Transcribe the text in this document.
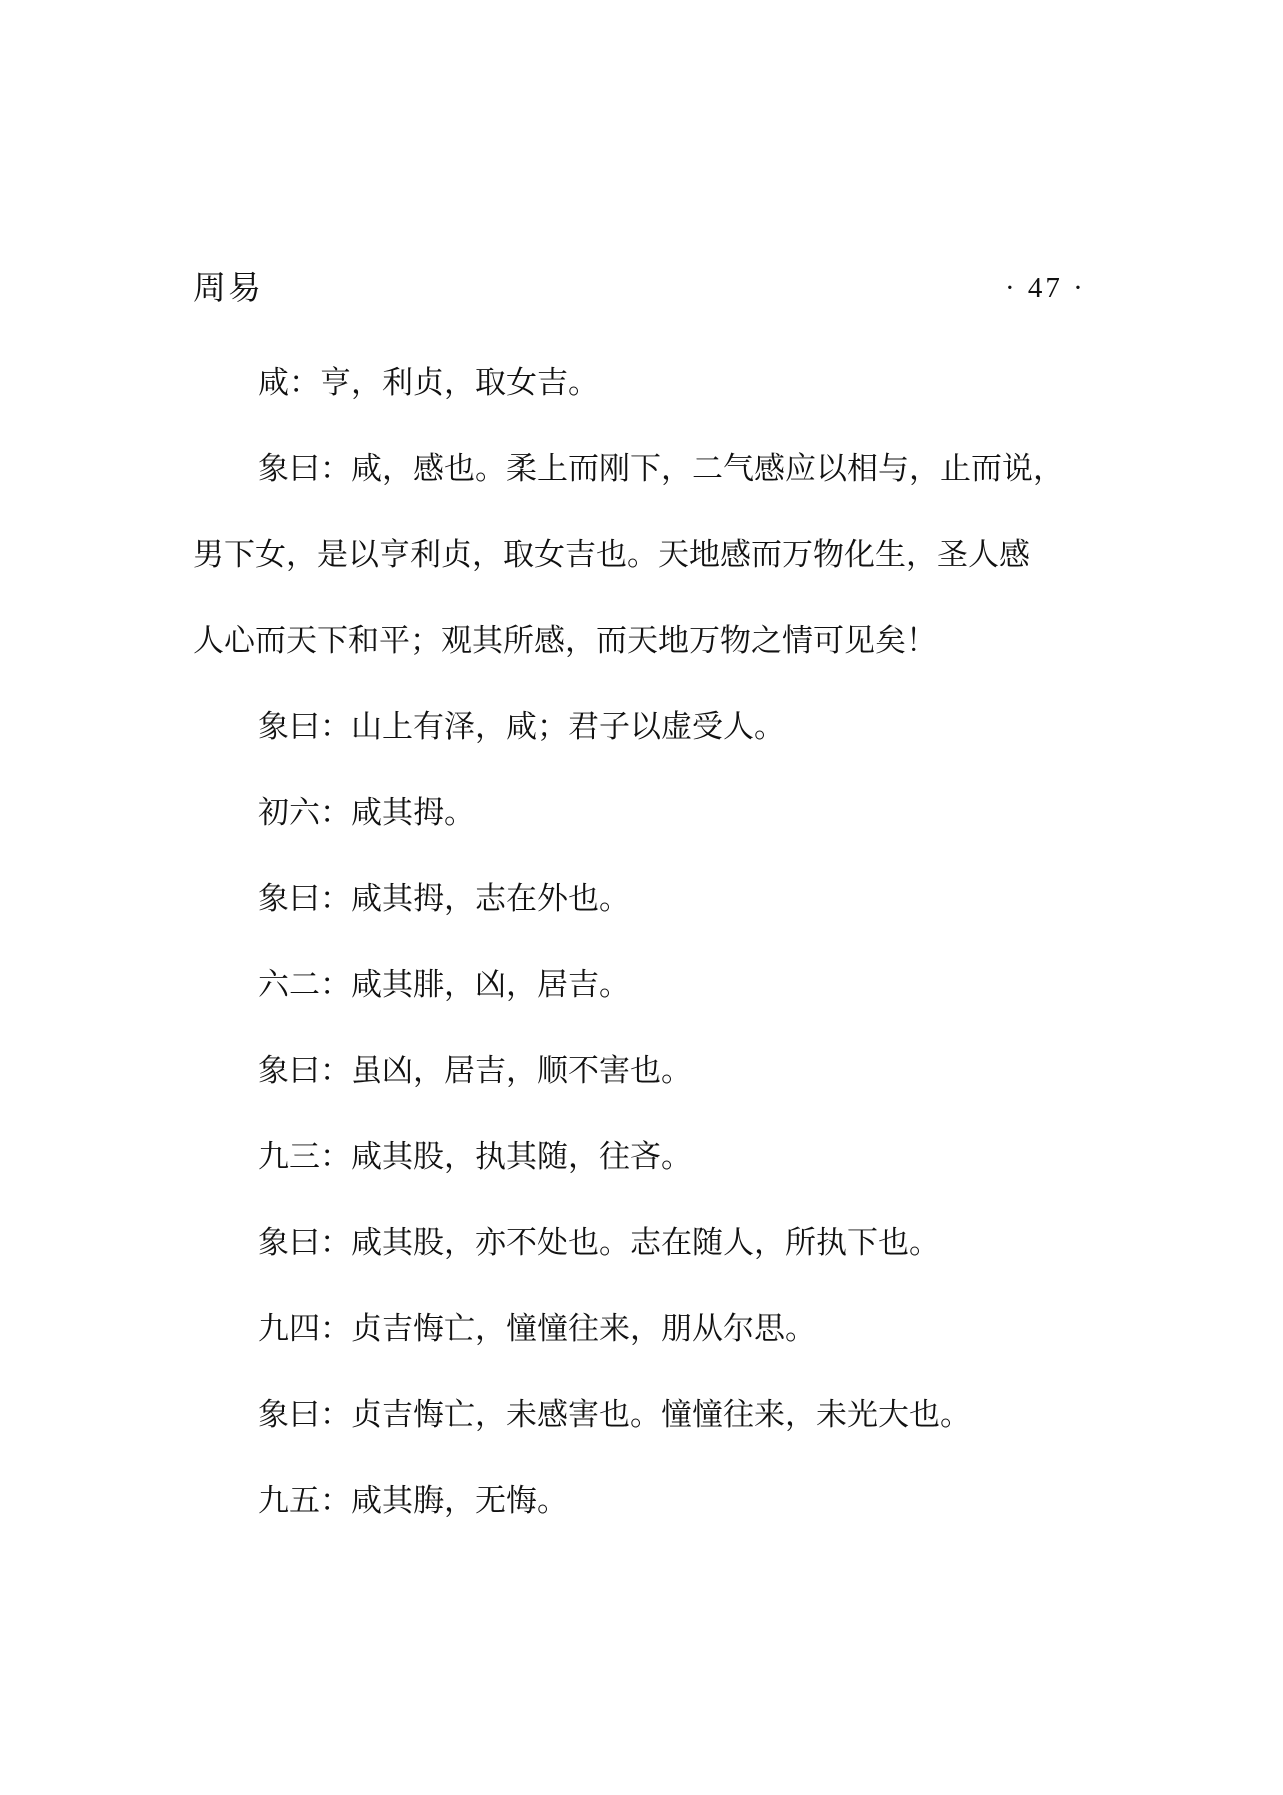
周易	· 47 ·

咸：亨，利贞，取女吉。

象曰：咸，感也。柔上而刚下，二气感应以相与，止而说，

男下女，是以亨利贞，取女吉也。天地感而万物化生，圣人感

人心而天下和平；观其所感，而天地万物之情可见矣！

象曰：山上有泽，咸；君子以虚受人。

初六：咸其拇。

象曰：咸其拇，志在外也。

六二：咸其腓，凶，居吉。

象曰：虽凶，居吉，顺不害也。

九三：咸其股，执其随，往吝。

象曰：咸其股，亦不处也。志在随人，所执下也。

九四：贞吉悔亡，憧憧往来，朋从尔思。

象曰：贞吉悔亡，未感害也。憧憧往来，未光大也。

九五：咸其脢，无悔。
